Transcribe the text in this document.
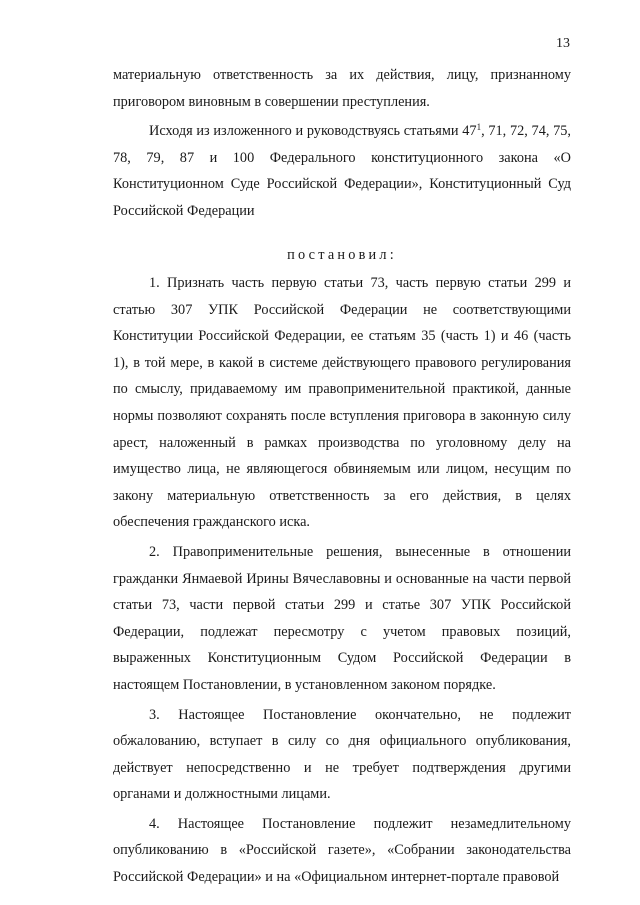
13

материальную ответственность за их действия, лицу, признанному приговором виновным в совершении преступления.

Исходя из изложенного и руководствуясь статьями $47^1$, 71, 72, 74, 75, 78, 79, 87 и 100 Федерального конституционного закона «О Конституционном Суде Российской Федерации», Конституционный Суд Российской Федерации

постановил:

1. Признать часть первую статьи 73, часть первую статьи 299 и статью 307 УПК Российской Федерации не соответствующими Конституции Российской Федерации, ее статьям 35 (часть 1) и 46 (часть 1), в той мере, в какой в системе действующего правового регулирования по смыслу, придаваемому им правоприменительной практикой, данные нормы позволяют сохранять после вступления приговора в законную силу арест, наложенный в рамках производства по уголовному делу на имущество лица, не являющегося обвиняемым или лицом, несущим по закону материальную ответственность за его действия, в целях обеспечения гражданского иска.

2. Правоприменительные решения, вынесенные в отношении гражданки Янмаевой Ирины Вячеславовны и основанные на части первой статьи 73, части первой статьи 299 и статье 307 УПК Российской Федерации, подлежат пересмотру с учетом правовых позиций, выраженных Конституционным Судом Российской Федерации в настоящем Постановлении, в установленном законом порядке.

3. Настоящее Постановление окончательно, не подлежит обжалованию, вступает в силу со дня официального опубликования, действует непосредственно и не требует подтверждения другими органами и должностными лицами.

4. Настоящее Постановление подлежит незамедлительному опубликованию в «Российской газете», «Собрании законодательства Российской Федерации» и на «Официальном интернет-портале правовой
